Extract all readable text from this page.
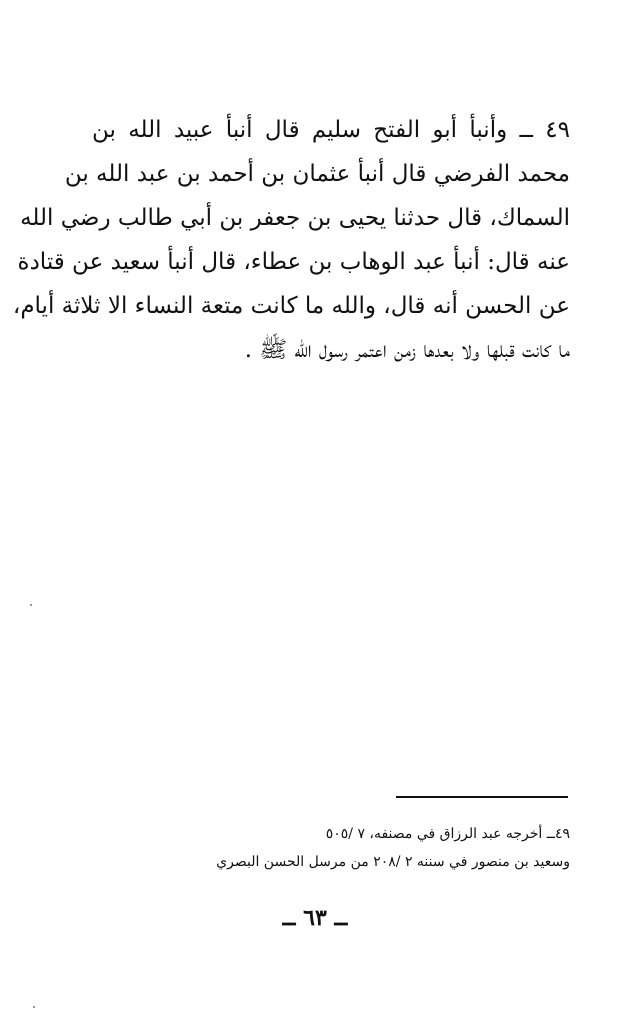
٤٩ ــ وأنبأ أبو الفتح سليم قال أنبأ عبيد الله بن
محمد الفرضي قال أنبأ عثمان بن أحمد بن عبد الله بن
السماك، قال حدثنا يحيى بن جعفر بن أبي طالب رضي الله
عنه قال: أنبأ عبد الوهاب بن عطاء، قال أنبأ سعيد عن قتادة
عن الحسن أنه قال، والله ما كانت متعة النساء الا ثلاثة أيام،
ما كانت قبلها ولا بعدها زمن اعتمر رسول الله ﷺ .
٤٩ــ أخرجه عبد الرزاق في مصنفه، ٧ /٥٠٥
وسعيد بن منصور في سننه ٢ /٢٠٨ من مرسل الحسن البصري
ــ ٦٣ ــ
